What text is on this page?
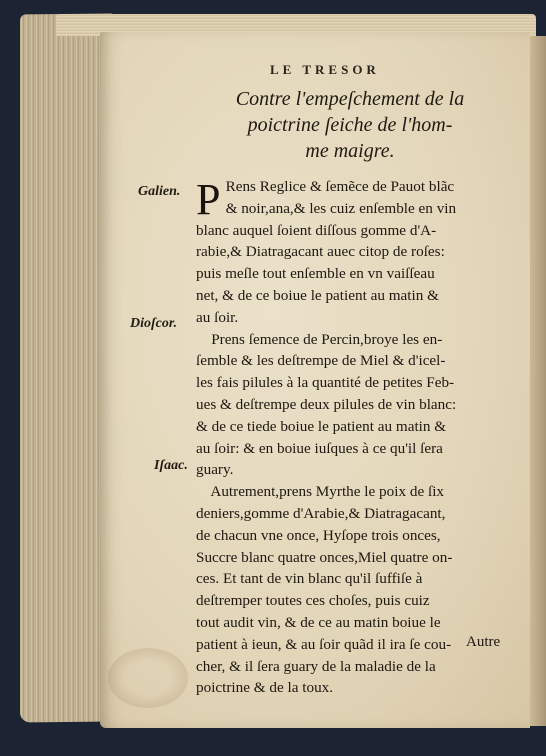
LE TRESOR
Contre l'empeſchement de la
poictrine ſeiche de l'hom-
me maigre.
Galien.
Dioſcor.
Iſaac.
P
Rens Reglice & ſemẽce de Pauot blãc
& noir,ana,& les cuiz enſemble en vin
blanc auquel ſoient diſſous gomme d'A-
rabie,& Diatragacant auec citop de roſes:
puis meſle tout enſemble en vn vaiſſeau
net, & de ce boiue le patient au matin &
au ſoir.
Prens ſemence de Percin,broye les en-
ſemble & les deſtrempe de Miel & d'icel-
les fais pilules à la quantité de petites Feb-
ues & deſtrempe deux pilules de vin blanc:
& de ce tiede boiue le patient au matin &
au ſoir: & en boiue iuſques à ce qu'il ſera
guary.
Autrement,prens Myrthe le poix de ſix
deniers,gomme d'Arabie,& Diatragacant,
de chacun vne once, Hyſope trois onces,
Succre blanc quatre onces,Miel quatre on-
ces. Et tant de vin blanc qu'il ſuffiſe à
deſtremper toutes ces choſes, puis cuiz
tout audit vin, & de ce au matin boiue le
patient à ieun, & au ſoir quãd il ira ſe cou-
cher, & il ſera guary de la maladie de la
poictrine & de la toux.
Autre
